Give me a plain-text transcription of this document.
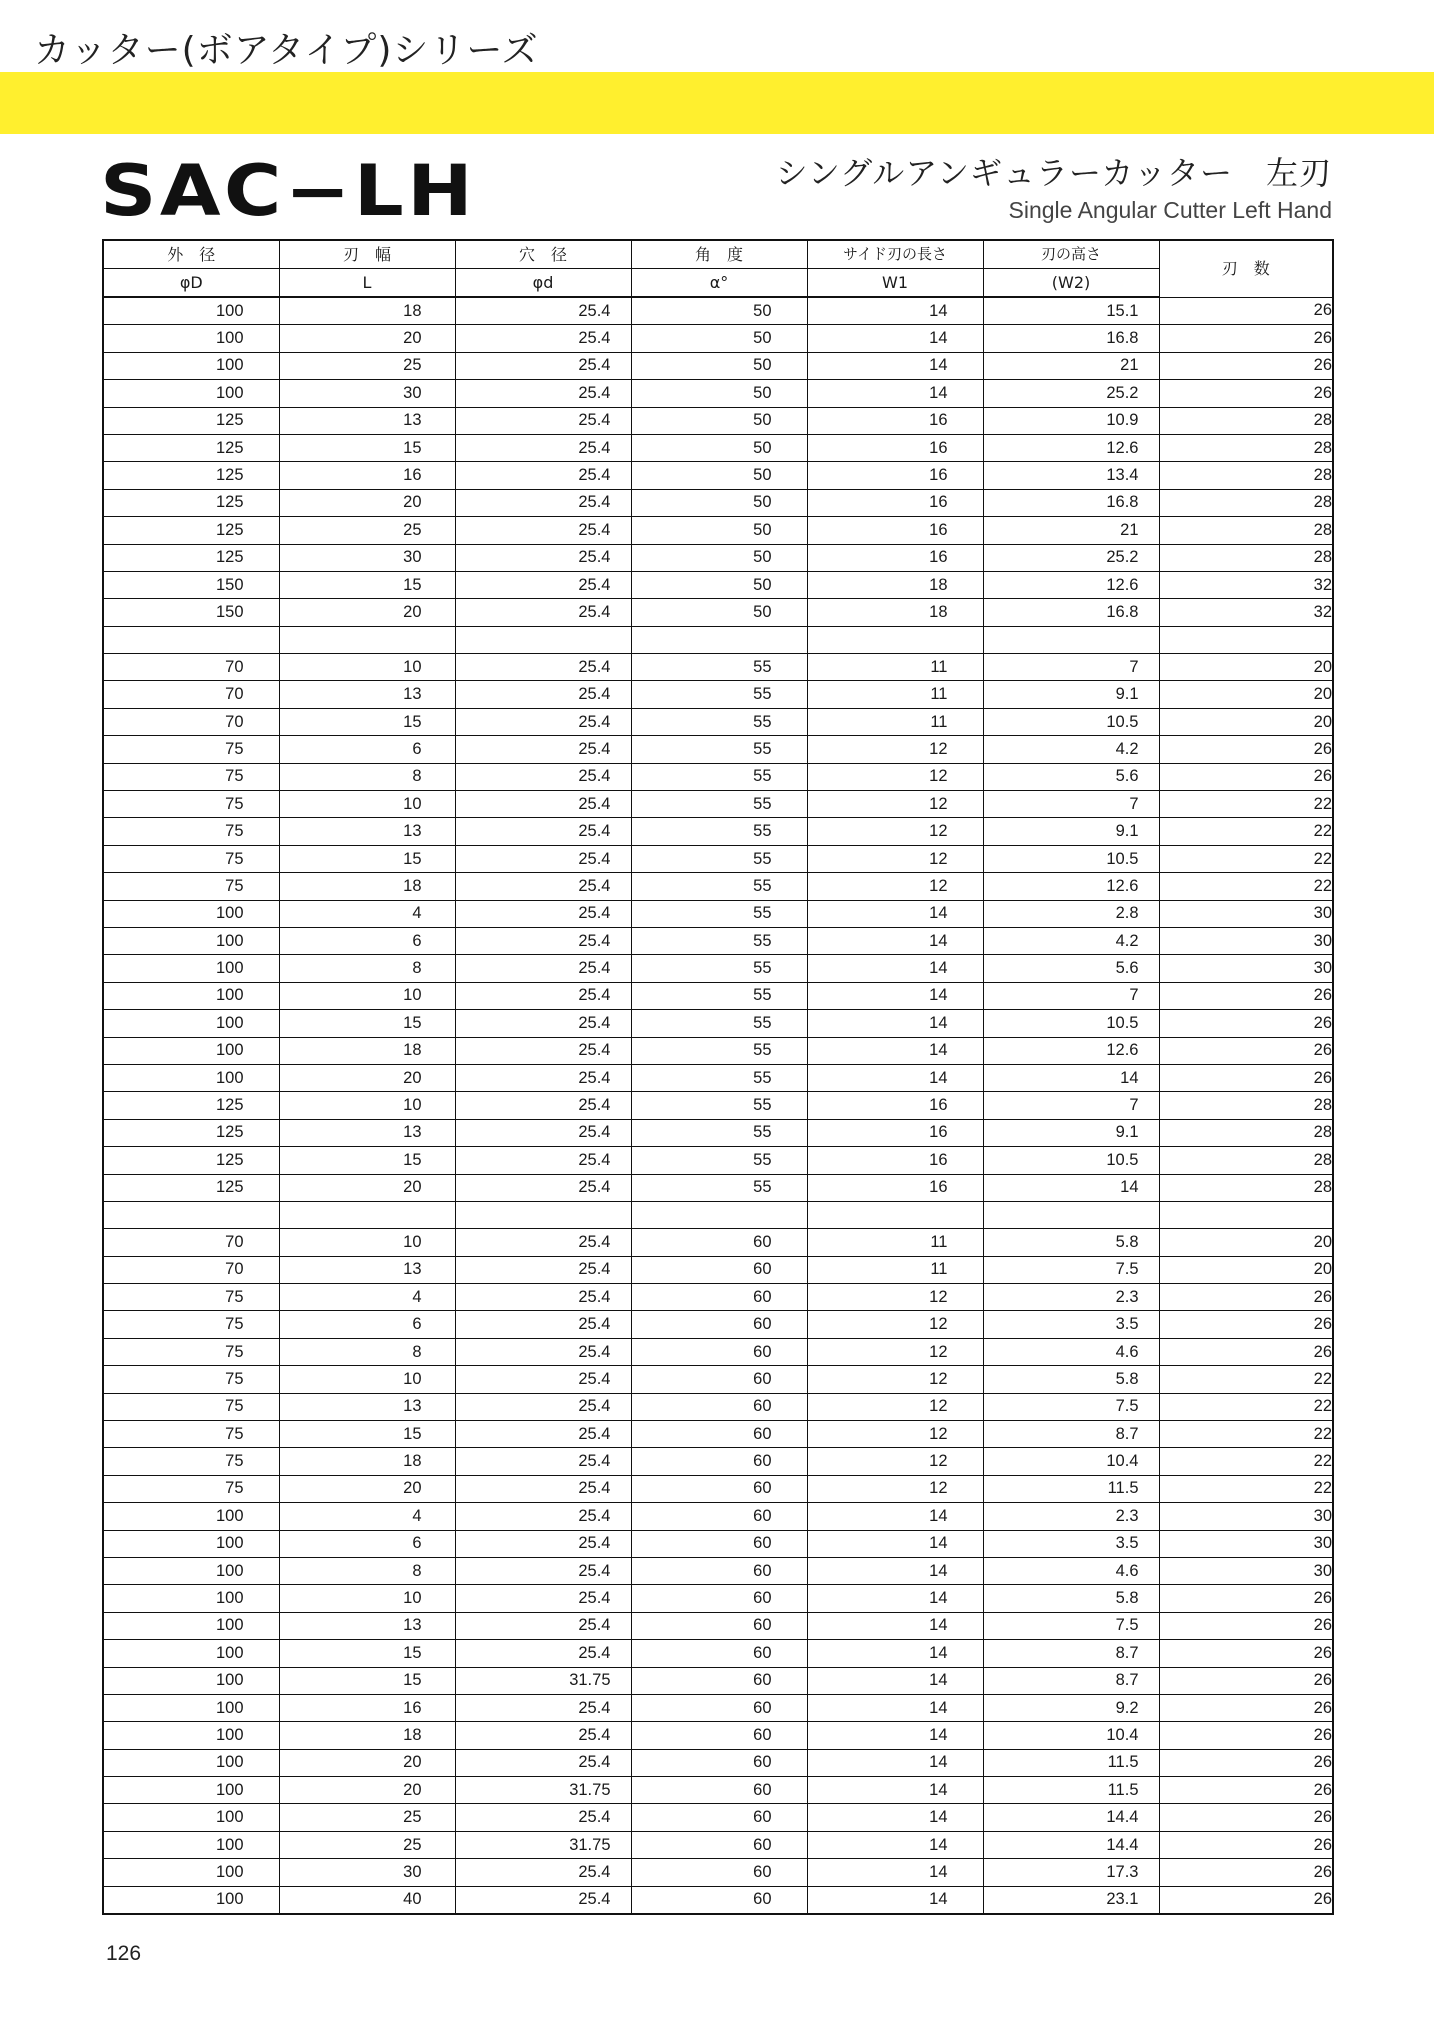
カッター(ボアタイプ)シリーズ
SAC−LH	シングルアンギュラーカッター　左刃
Single Angular Cutter Left Hand
外　径	刃　幅	穴　径	角　度	サイド刃の長さ	刃の高さ	刃　数
φD	L	φd	α°	W1	(W2)	
100	18	25.4	50	14	15.1	26
100	20	25.4	50	14	16.8	26
100	25	25.4	50	14	21	26
100	30	25.4	50	14	25.2	26
125	13	25.4	50	16	10.9	28
125	15	25.4	50	16	12.6	28
125	16	25.4	50	16	13.4	28
125	20	25.4	50	16	16.8	28
125	25	25.4	50	16	21	28
125	30	25.4	50	16	25.2	28
150	15	25.4	50	18	12.6	32
150	20	25.4	50	18	16.8	32

70	10	25.4	55	11	7	20
70	13	25.4	55	11	9.1	20
70	15	25.4	55	11	10.5	20
75	6	25.4	55	12	4.2	26
75	8	25.4	55	12	5.6	26
75	10	25.4	55	12	7	22
75	13	25.4	55	12	9.1	22
75	15	25.4	55	12	10.5	22
75	18	25.4	55	12	12.6	22
100	4	25.4	55	14	2.8	30
100	6	25.4	55	14	4.2	30
100	8	25.4	55	14	5.6	30
100	10	25.4	55	14	7	26
100	15	25.4	55	14	10.5	26
100	18	25.4	55	14	12.6	26
100	20	25.4	55	14	14	26
125	10	25.4	55	16	7	28
125	13	25.4	55	16	9.1	28
125	15	25.4	55	16	10.5	28
125	20	25.4	55	16	14	28

70	10	25.4	60	11	5.8	20
70	13	25.4	60	11	7.5	20
75	4	25.4	60	12	2.3	26
75	6	25.4	60	12	3.5	26
75	8	25.4	60	12	4.6	26
75	10	25.4	60	12	5.8	22
75	13	25.4	60	12	7.5	22
75	15	25.4	60	12	8.7	22
75	18	25.4	60	12	10.4	22
75	20	25.4	60	12	11.5	22
100	4	25.4	60	14	2.3	30
100	6	25.4	60	14	3.5	30
100	8	25.4	60	14	4.6	30
100	10	25.4	60	14	5.8	26
100	13	25.4	60	14	7.5	26
100	15	25.4	60	14	8.7	26
100	15	31.75	60	14	8.7	26
100	16	25.4	60	14	9.2	26
100	18	25.4	60	14	10.4	26
100	20	25.4	60	14	11.5	26
100	20	31.75	60	14	11.5	26
100	25	25.4	60	14	14.4	26
100	25	31.75	60	14	14.4	26
100	30	25.4	60	14	17.3	26
100	40	25.4	60	14	23.1	26
126
